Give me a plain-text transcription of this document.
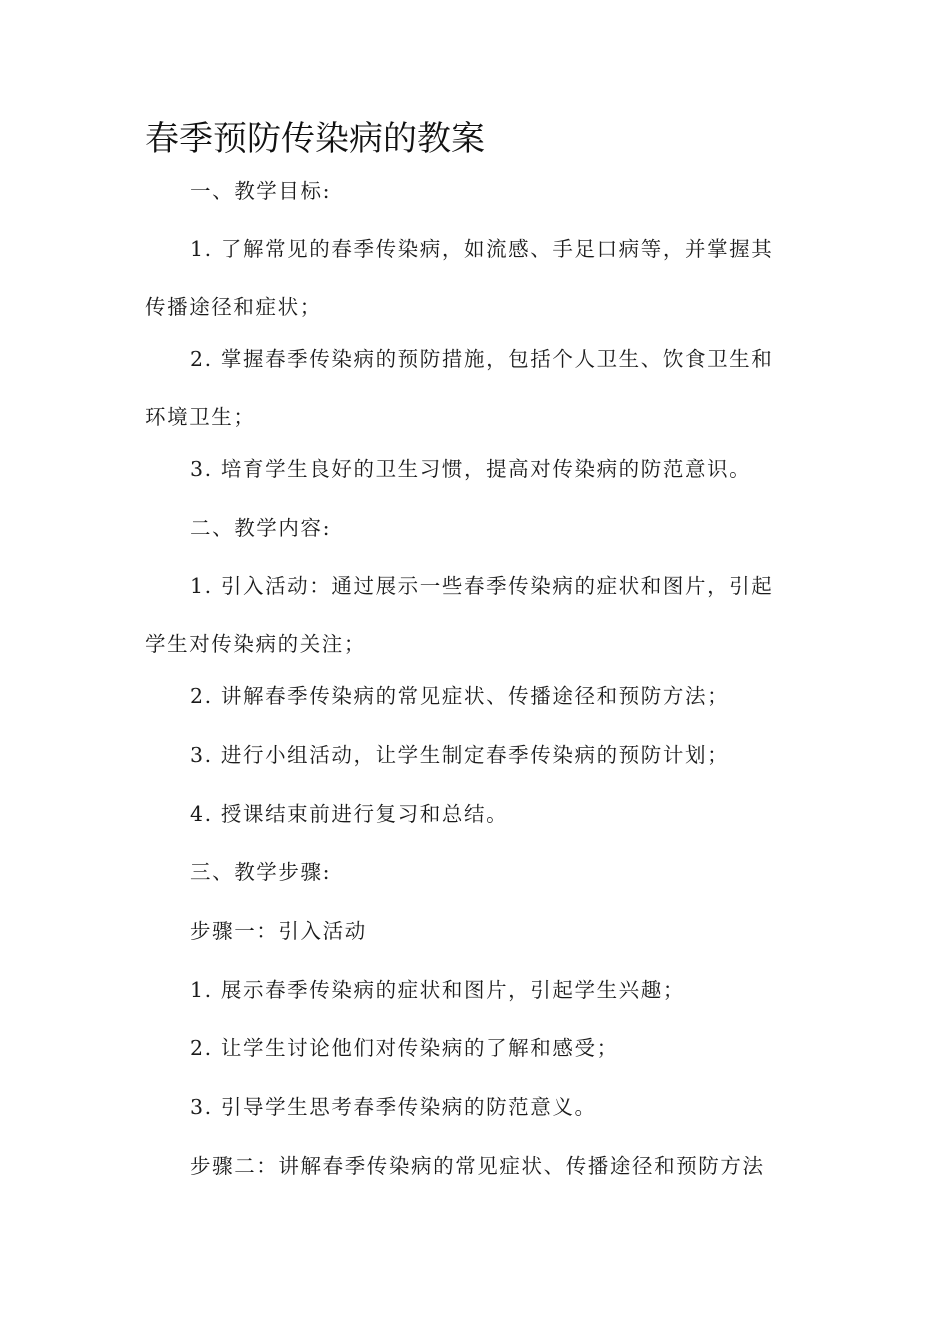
春季预防传染病的教案

一、教学目标:

1. 了解常见的春季传染病，如流感、手足口病等，并掌握其传播途径和症状；

2. 掌握春季传染病的预防措施，包括个人卫生、饮食卫生和环境卫生；

3. 培育学生良好的卫生习惯，提高对传染病的防范意识。

二、教学内容:

1. 引入活动：通过展示一些春季传染病的症状和图片，引起学生对传染病的关注；

2. 讲解春季传染病的常见症状、传播途径和预防方法；

3. 进行小组活动，让学生制定春季传染病的预防计划；

4. 授课结束前进行复习和总结。

三、教学步骤:

步骤一：引入活动

1. 展示春季传染病的症状和图片，引起学生兴趣；

2. 让学生讨论他们对传染病的了解和感受；

3. 引导学生思考春季传染病的防范意义。

步骤二：讲解春季传染病的常见症状、传播途径和预防方法
